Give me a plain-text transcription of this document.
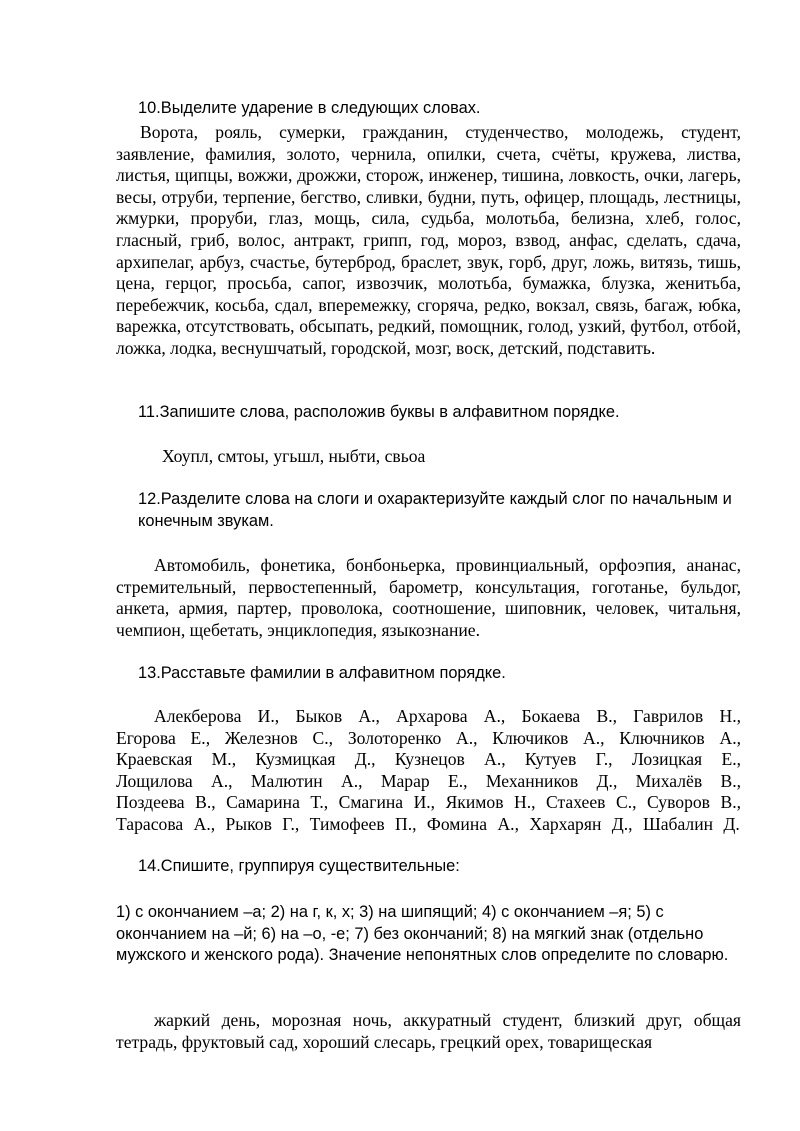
10.Выделите ударение в следующих словах.

Ворота, рояль, сумерки, гражданин, студенчество, молодежь, студент, заявление, фамилия, золото, чернила, опилки, счета, счёты, кружева, листва, листья, щипцы, вожжи, дрожжи, сторож, инженер, тишина, ловкость, очки, лагерь, весы, отруби, терпение, бегство, сливки, будни, путь, офицер, площадь, лестницы, жмурки, проруби, глаз, мощь, сила, судьба, молотьба, белизна, хлеб, голос, гласный, гриб, волос, антракт, грипп, год, мороз, взвод, анфас, сделать, сдача, архипелаг, арбуз, счастье, бутерброд, браслет, звук, горб, друг, ложь, витязь, тишь, цена, герцог, просьба, сапог, извозчик, молотьба, бумажка, блузка, женитьба, перебежчик, косьба, сдал, вперемежку, сгоряча, редко, вокзал, связь, багаж, юбка, варежка, отсутствовать, обсыпать, редкий, помощник, голод, узкий, футбол, отбой, ложка, лодка, веснушчатый, городской, мозг, воск, детский, подставить.

11.Запишите слова, расположив буквы в алфавитном порядке.

Хоупл, смтоы, угьшл, ныбти, свьоа

12.Разделите слова на слоги и охарактеризуйте каждый слог по начальным и конечным звукам.

Автомобиль, фонетика, бонбоньерка, провинциальный, орфоэпия, ананас, стремительный, первостепенный, барометр, консультация, гоготанье, бульдог, анкета, армия, партер, проволока, соотношение, шиповник, человек, читальня, чемпион, щебетать, энциклопедия, языкознание.

13.Расставьте фамилии в алфавитном порядке.

Алекберова И., Быков А., Архарова А., Бокаева В., Гаврилов Н., Егорова Е., Железнов С., Золоторенко А., Ключиков А., Ключников А., Краевская М., Кузмицкая Д., Кузнецов А., Кутуев Г., Лозицкая Е., Лощилова А., Малютин А., Марар Е., Механников Д., Михалёв В., Поздеева В., Самарина Т., Смагина И., Якимов Н., Стахеев С., Суворов В., Тарасова А., Рыков Г., Тимофеев П., Фомина А., Хархарян Д., Шабалин Д.

14.Спишите, группируя существительные:

1) с окончанием –а; 2) на г, к, х; 3) на шипящий; 4) с окончанием –я; 5) с окончанием на –й; 6) на –о, -е; 7) без окончаний; 8) на мягкий знак (отдельно мужского и женского рода). Значение непонятных слов определите по словарю.

жаркий день, морозная ночь, аккуратный студент, близкий друг, общая тетрадь, фруктовый сад, хороший слесарь, грецкий орех, товарищеская
